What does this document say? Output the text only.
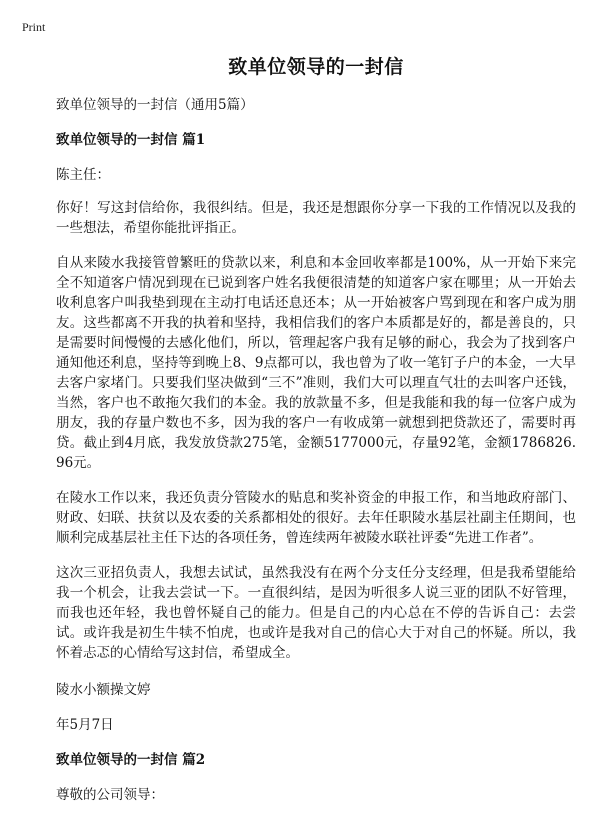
Print
致单位领导的一封信
致单位领导的一封信（通用5篇）
致单位领导的一封信 篇1
陈主任：

你好！写这封信给你，我很纠结。但是，我还是想跟你分享一下我的工作情况以及我的一些想法，希望你能批评指正。

自从来陵水我接管曾繁旺的贷款以来，利息和本金回收率都是100%，从一开始下来完全不知道客户情况到现在已说到客户姓名我便很清楚的知道客户家在哪里；从一开始去收利息客户叫我垫到现在主动打电话还息还本；从一开始被客户骂到现在和客户成为朋友。这些都离不开我的执着和坚持，我相信我们的客户本质都是好的，都是善良的，只是需要时间慢慢的去感化他们，所以，管理起客户我有足够的耐心，我会为了找到客户通知他还利息，坚持等到晚上8、9点都可以，我也曾为了收一笔钉子户的本金，一大早去客户家堵门。只要我们坚决做到“三不”准则，我们大可以理直气壮的去叫客户还钱，当然，客户也不敢拖欠我们的本金。我的放款量不多，但是我能和我的每一位客户成为朋友，我的存量户数也不多，因为我的客户一有收成第一就想到把贷款还了，需要时再贷。截止到4月底，我发放贷款275笔，金额5177000元，存量92笔，金额1786826.96元。

在陵水工作以来，我还负责分管陵水的贴息和奖补资金的申报工作，和当地政府部门、财政、妇联、扶贫以及农委的关系都相处的很好。去年任职陵水基层社副主任期间，也顺利完成基层社主任下达的各项任务，曾连续两年被陵水联社评委“先进工作者”。

这次三亚招负责人，我想去试试，虽然我没有在两个分支任分支经理，但是我希望能给我一个机会，让我去尝试一下。一直很纠结，是因为听很多人说三亚的团队不好管理，而我也还年轻，我也曾怀疑自己的能力。但是自己的内心总在不停的告诉自己：去尝试。或许我是初生牛犊不怕虎，也或许是我对自己的信心大于对自己的怀疑。所以，我怀着忐忑的心情给写这封信，希望成全。

陵水小额操文婷
年5月7日
致单位领导的一封信 篇2
尊敬的公司领导：
